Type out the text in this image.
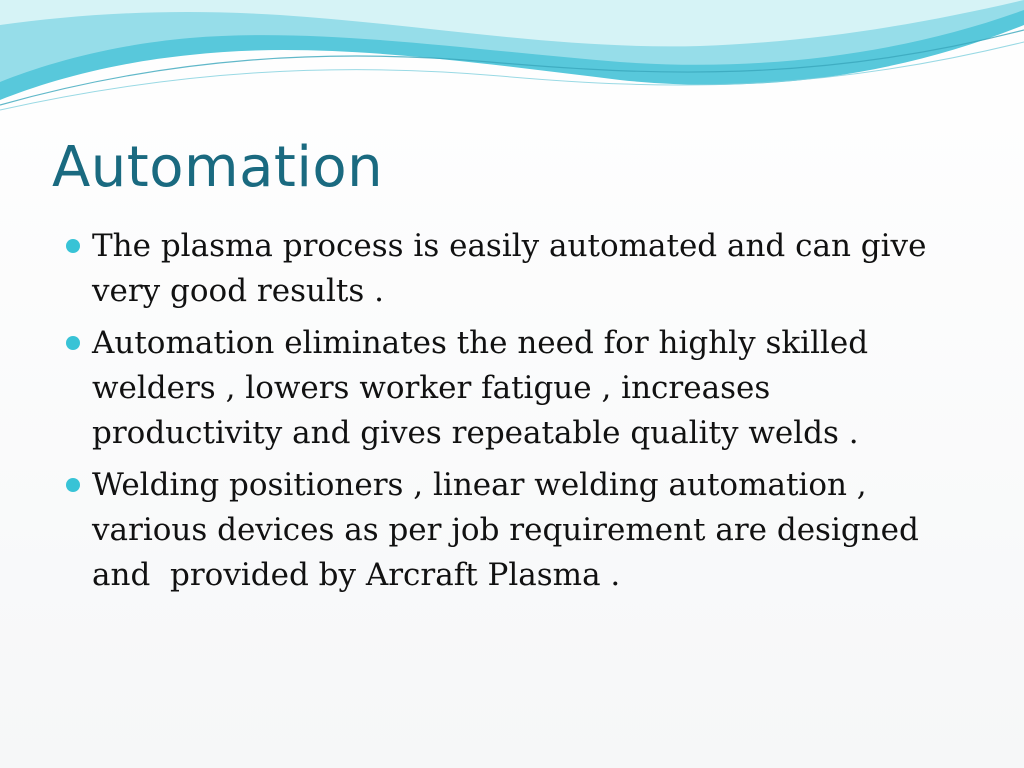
Automation
The plasma process is easily automated and can give very good results .
Automation eliminates the need for highly skilled welders , lowers worker fatigue , increases productivity and gives repeatable quality welds .
Welding positioners , linear welding automation , various devices as per job requirement are designed and  provided by Arcraft Plasma .
